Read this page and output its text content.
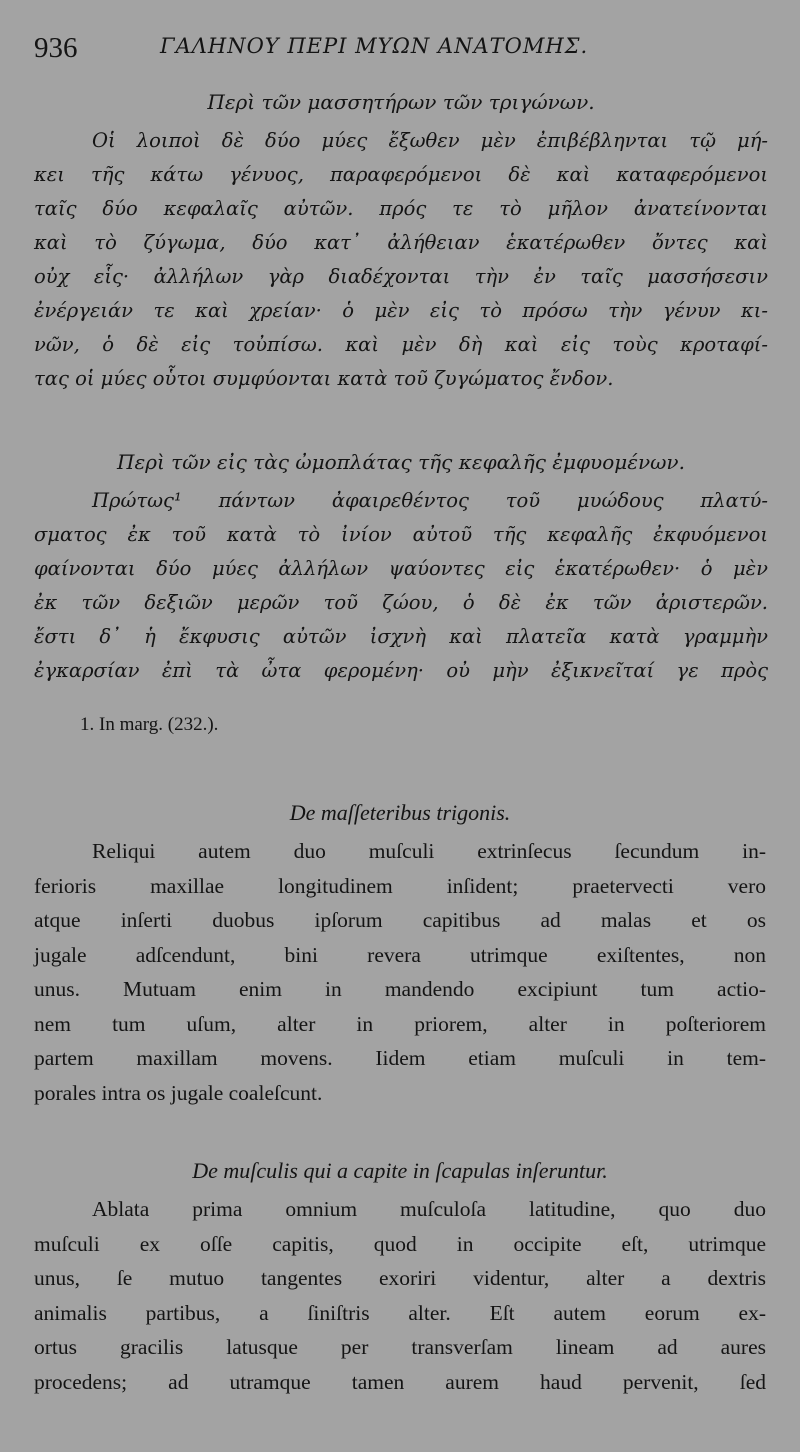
936	ΓΑΛΗΝΟΥ ΠΕΡΙ ΜΥΩΝ ΑΝΑΤΟΜΗΣ.
Περὶ τῶν μασσητήρων τῶν τριγώνων.
Οἱ λοιποὶ δὲ δύο μύες ἔξωθεν μὲν ἐπιβέβληνται τῷ μή-
κει τῆς κάτω γένυος, παραφερόμενοι δὲ καὶ καταφερόμενοι
ταῖς δύο κεφαλαῖς αὐτῶν. πρός τε τὸ μῆλον ἀνατείνονται
καὶ τὸ ζύγωμα, δύο κατ᾽ ἀλήθειαν ἑκατέρωθεν ὄντες καὶ
οὐχ εἷς· ἀλλήλων γὰρ διαδέχονται τὴν ἐν ταῖς μασσήσεσιν
ἐνέργειάν τε καὶ χρείαν· ὁ μὲν εἰς τὸ πρόσω τὴν γένυν κι-
νῶν, ὁ δὲ εἰς τοὐπίσω. καὶ μὲν δὴ καὶ εἰς τοὺς κροταφί-
τας οἱ μύες οὗτοι συμφύονται κατὰ τοῦ ζυγώματος ἔνδον.
Περὶ τῶν εἰς τὰς ὠμοπλάτας τῆς κεφαλῆς ἐμφυομένων.
Πρώτως¹ πάντων ἀφαιρεθέντος τοῦ μυώδους πλατύ-
σματος ἐκ τοῦ κατὰ τὸ ἰνίον αὐτοῦ τῆς κεφαλῆς ἐκφυόμενοι
φαίνονται δύο μύες ἀλλήλων ψαύοντες εἰς ἑκατέρωθεν· ὁ μὲν
ἐκ τῶν δεξιῶν μερῶν τοῦ ζώου, ὁ δὲ ἐκ τῶν ἀριστερῶν.
ἔστι δ᾽ ἡ ἔκφυσις αὐτῶν ἰσχνὴ καὶ πλατεῖα κατὰ γραμμὴν
ἐγκαρσίαν ἐπὶ τὰ ὦτα φερομένη· οὐ μὴν ἐξικνεῖταί γε πρὸς
1. In marg. (232.).
De maſſeteribus trigonis.
Reliqui autem duo muſculi extrinſecus ſecundum in-
ferioris maxillae longitudinem inſident; praetervecti vero
atque inſerti duobus ipſorum capitibus ad malas et os
jugale adſcendunt, bini revera utrimque exiſtentes, non
unus. Mutuam enim in mandendo excipiunt tum actio-
nem tum uſum, alter in priorem, alter in poſteriorem
partem maxillam movens. Iidem etiam muſculi in tem-
porales intra os jugale coaleſcunt.
De muſculis qui a capite in ſcapulas inſeruntur.
Ablata prima omnium muſculoſa latitudine, quo duo
muſculi ex oſſe capitis, quod in occipite eſt, utrimque
unus, ſe mutuo tangentes exoriri videntur, alter a dextris
animalis partibus, a ſiniſtris alter. Eſt autem eorum ex-
ortus gracilis latusque per transverſam lineam ad aures
procedens; ad utramque tamen aurem haud pervenit, ſed
